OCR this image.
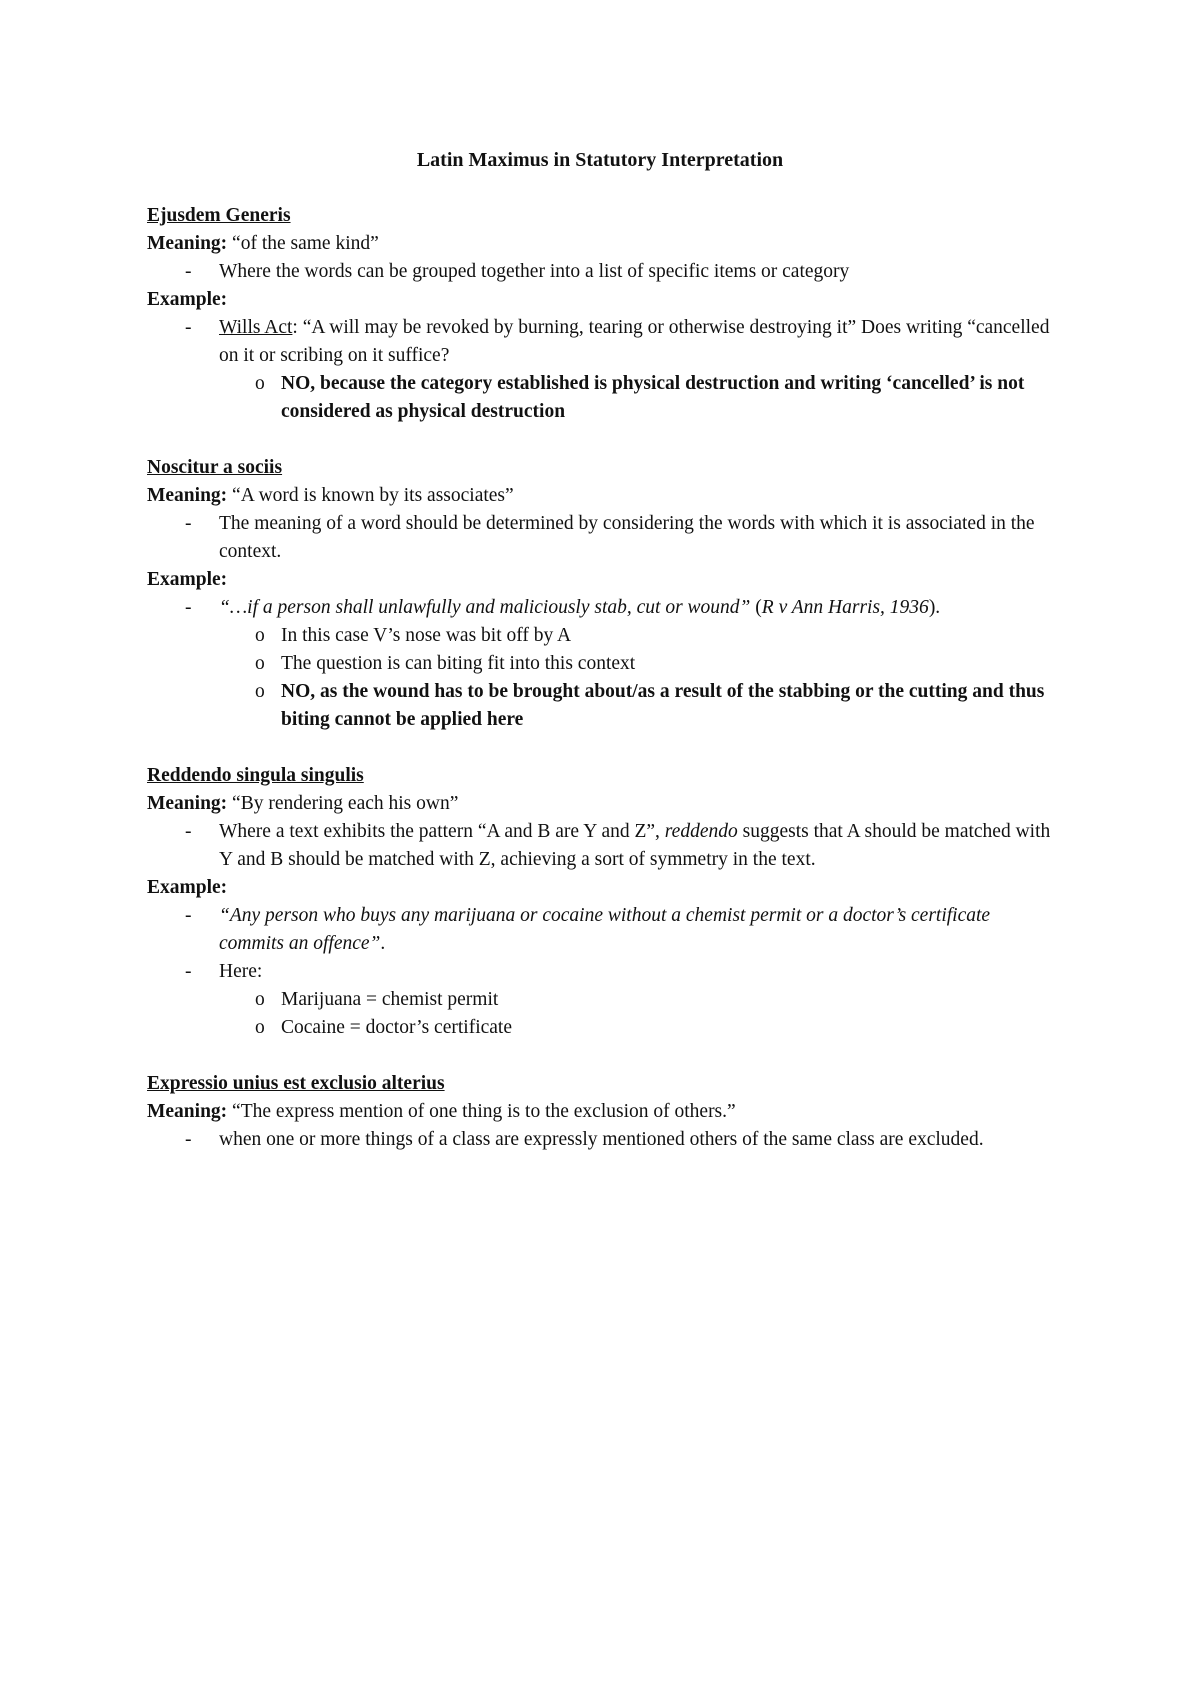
Latin Maximus in Statutory Interpretation
Ejusdem Generis
Meaning: “of the same kind”
-	Where the words can be grouped together into a list of specific items or category
Example:
-	Wills Act: “A will may be revoked by burning, tearing or otherwise destroying it” Does writing “cancelled on it or scribing on it suffice?
o NO, because the category established is physical destruction and writing ‘cancelled’ is not considered as physical destruction
Noscitur a sociis
Meaning: “A word is known by its associates”
-	The meaning of a word should be determined by considering the words with which it is associated in the context.
Example:
-	“…if a person shall unlawfully and maliciously stab, cut or wound” (R v Ann Harris, 1936).
o In this case V’s nose was bit off by A
o The question is can biting fit into this context
o NO, as the wound has to be brought about/as a result of the stabbing or the cutting and thus biting cannot be applied here
Reddendo singula singulis
Meaning: “By rendering each his own”
-	Where a text exhibits the pattern “A and B are Y and Z”, reddendo suggests that A should be matched with Y and B should be matched with Z, achieving a sort of symmetry in the text.
Example:
-	“Any person who buys any marijuana or cocaine without a chemist permit or a doctor’s certificate commits an offence”.
-	Here:
o Marijuana = chemist permit
o Cocaine = doctor’s certificate
Expressio unius est exclusio alterius
Meaning: “The express mention of one thing is to the exclusion of others.”
-	when one or more things of a class are expressly mentioned others of the same class are excluded.
